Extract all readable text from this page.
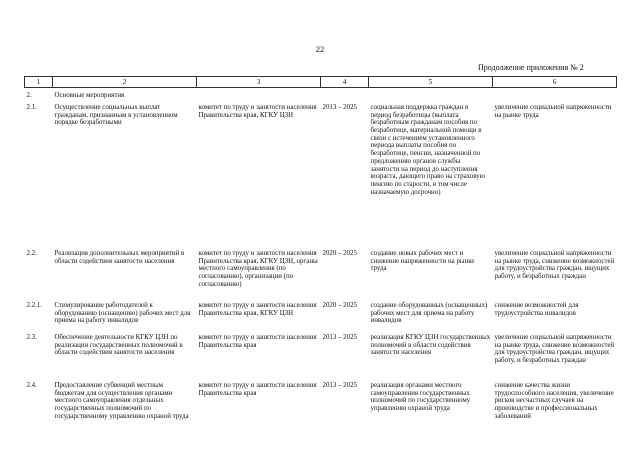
22
Продолжение приложения № 2
1	2	3	4	5	6
2.	Основные мероприятия				
2.1.	Осуществление социальных выплат гражданам, признанным в установленном порядке безработными	комитет по труду и занятости населения Правительства края, КГКУ ЦЗН	2013 – 2025	социальная поддержка граждан в период безработицы (выплата безработным гражданам пособия по безработице, материальной помощи в связи с истечением установленного периода выплаты пособия по безработице, пенсии, назначенной по предложению органов службы занятости на период до наступления возраста, дающего право на страховую пенсию по старости, в том числе назначаемую досрочно)	увеличение социальной напряженности на рынке труда
2.2.	Реализация дополнительных мероприятий в области содействия занятости населения	комитет по труду и занятости населения Правительства края, КГКУ ЦЗН, органы местного самоуправления (по согласованию), организации (по согласованию)	2020 – 2025	создание новых рабочих мест и снижение напряженности на рынке труда	увеличение социальной напряженности на рынке труда, снижение возможностей для трудоустройства граждан, ищущих работу, и безработных граждан
2.2.1.	Стимулирование работодателей к оборудованию (оснащению) рабочих мест для приема на работу инвалидов	комитет по труду и занятости населения Правительства края, КГКУ ЦЗН	2020 – 2025	создание оборудованных (оснащенных) рабочих мест для приема на работу инвалидов	снижение возможностей для трудоустройства инвалидов
2.3.	Обеспечение деятельности КГКУ ЦЗН по реализации государственных полномочий в области содействия занятости населения	комитет по труду и занятости населения Правительства края	2013 – 2025	реализация КГКУ ЦЗН государственных полномочий в области содействия занятости населения	увеличение социальной напряженности на рынке труда, снижение возможностей для трудоустройства граждан, ищущих работу, и безработных граждан
2.4.	Предоставление субвенций местным бюджетам для осуществления органами местного самоуправления отдельных государственных полномочий по государственному управлению охраной труда	комитет по труду и занятости населения Правительства края	2013 – 2025	реализация органами местного самоуправления государственных полномочий по государственному управлению охраной труда	снижение качества жизни трудоспособного населения, увеличение рисков несчастных случаев на производстве и профессиональных заболеваний
